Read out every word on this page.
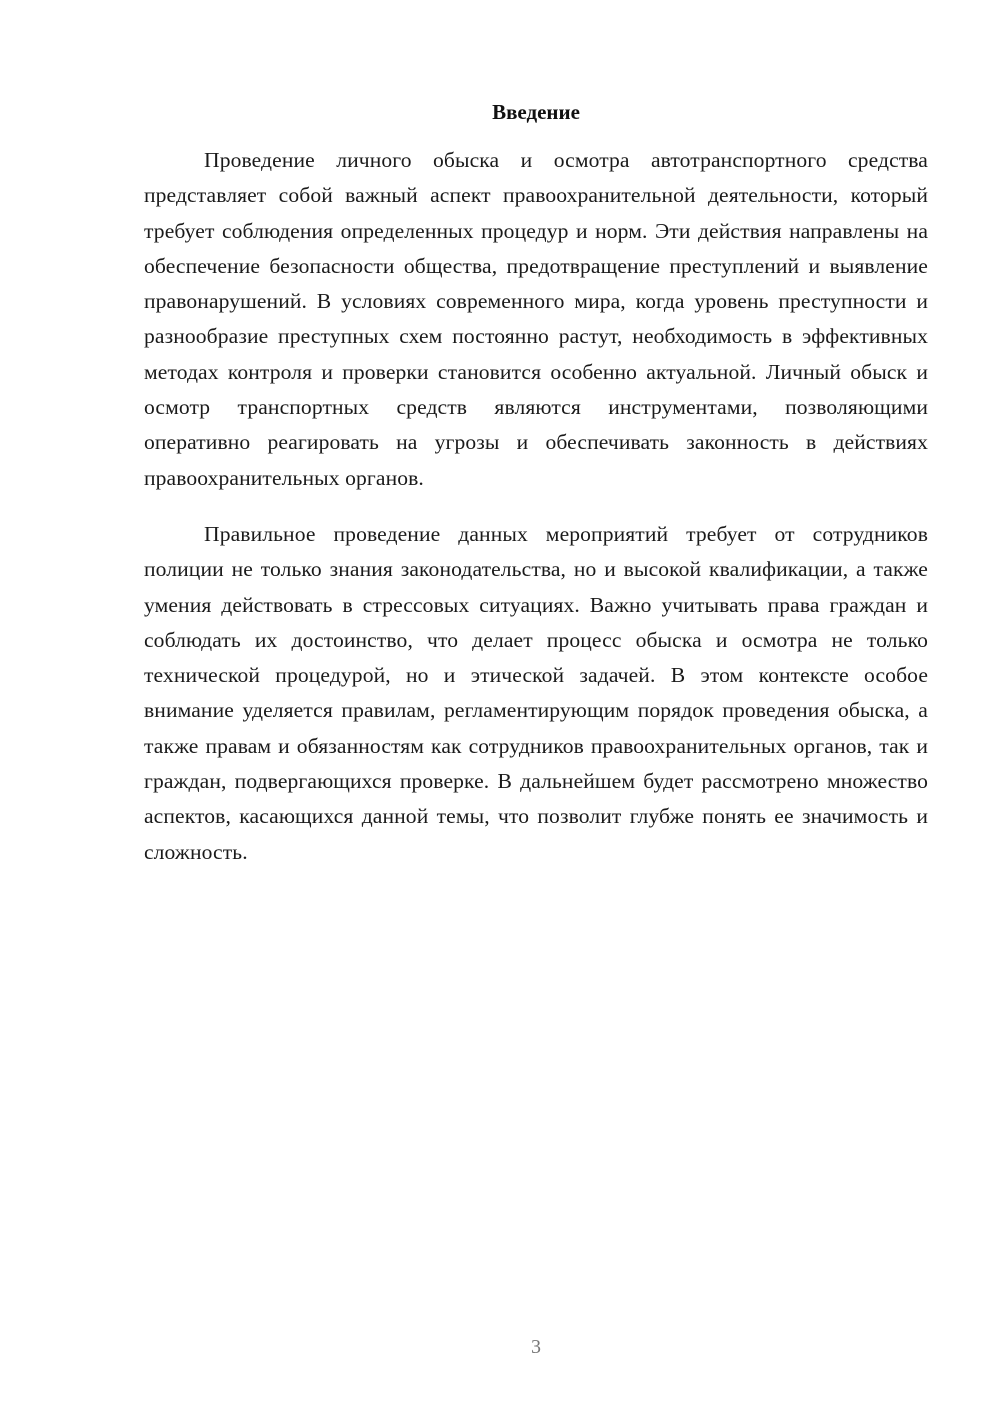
Введение

Проведение личного обыска и осмотра автотранспортного средства представляет собой важный аспект правоохранительной деятельности, который требует соблюдения определенных процедур и норм. Эти действия направлены на обеспечение безопасности общества, предотвращение преступлений и выявление правонарушений. В условиях современного мира, когда уровень преступности и разнообразие преступных схем постоянно растут, необходимость в эффективных методах контроля и проверки становится особенно актуальной. Личный обыск и осмотр транспортных средств являются инструментами, позволяющими оперативно реагировать на угрозы и обеспечивать законность в действиях правоохранительных органов.

Правильное проведение данных мероприятий требует от сотрудников полиции не только знания законодательства, но и высокой квалификации, а также умения действовать в стрессовых ситуациях. Важно учитывать права граждан и соблюдать их достоинство, что делает процесс обыска и осмотра не только технической процедурой, но и этической задачей. В этом контексте особое внимание уделяется правилам, регламентирующим порядок проведения обыска, а также правам и обязанностям как сотрудников правоохранительных органов, так и граждан, подвергающихся проверке. В дальнейшем будет рассмотрено множество аспектов, касающихся данной темы, что позволит глубже понять ее значимость и сложность.

3
